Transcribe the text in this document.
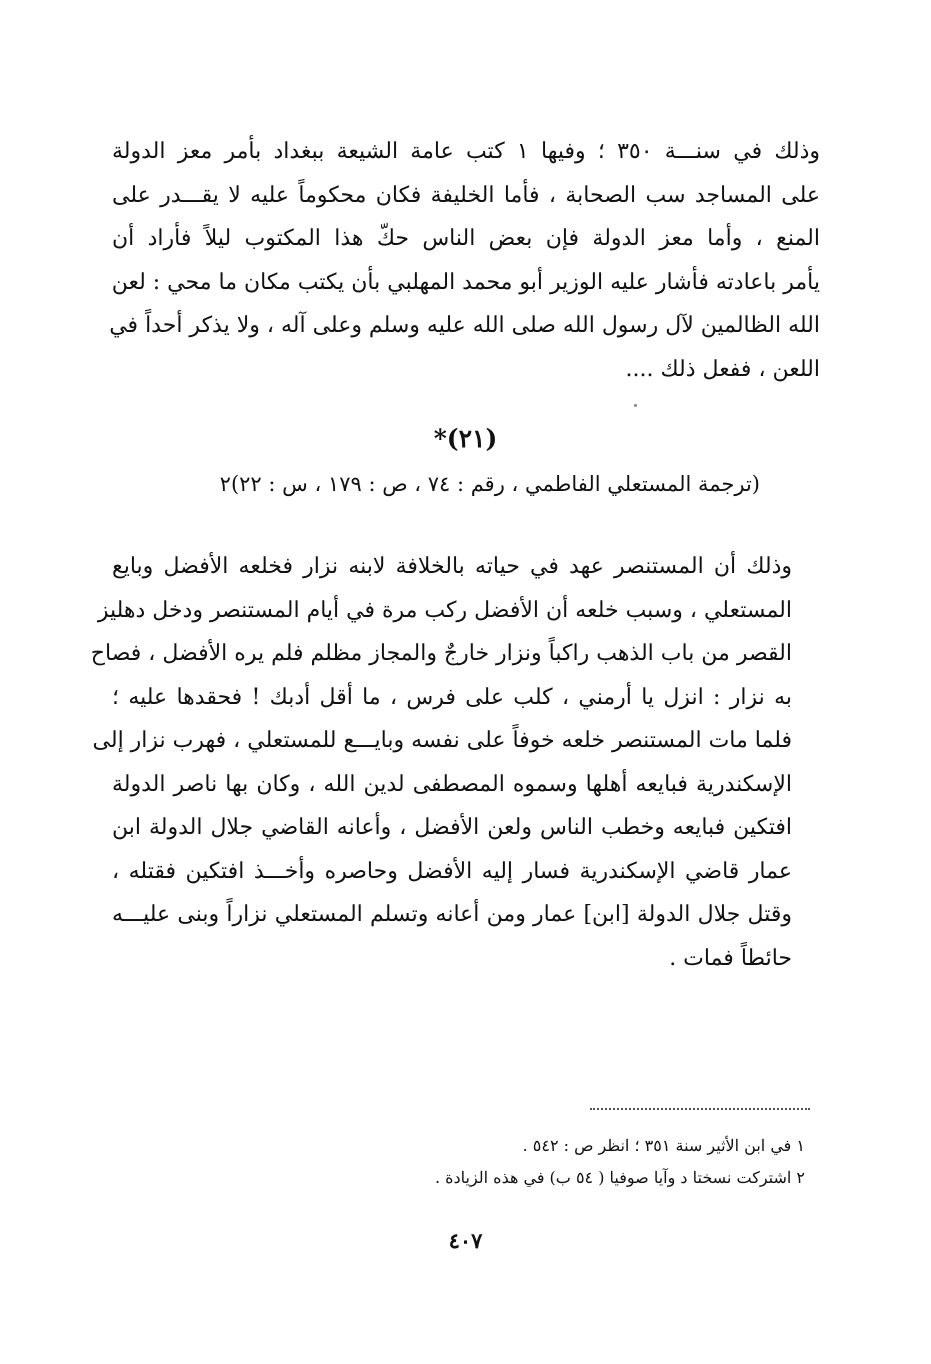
وذلك في سنـــة ٣٥٠ ؛ وفيها ١ كتب عامة الشيعة ببغداد بأمر معز الدولة
على المساجد سب الصحابة ، فأما الخليفة فكان محكوماً عليه لا يقـــدر على
المنع ، وأما معز الدولة فإن بعض الناس حكّ هذا المكتوب ليلاً فأراد أن
يأمر باعادته فأشار عليه الوزير أبو محمد المهلبي بأن يكتب مكان ما محي : لعن
الله الظالمين لآل رسول الله صلى الله عليه وسلم وعلى آله ، ولا يذكر أحداً في
اللعن ، ففعل ذلك ....
(٢١)*
(ترجمة المستعلي الفاطمي ، رقم : ٧٤ ، ص : ١٧٩ ، س : ٢٢)٢
وذلك أن المستنصر عهد في حياته بالخلافة لابنه نزار فخلعه الأفضل وبايع
المستعلي ، وسبب خلعه أن الأفضل ركب مرة في أيام المستنصر ودخل دهليز
القصر من باب الذهب راكباً ونزار خارجٌ والمجاز مظلم فلم يره الأفضل ، فصاح
به نزار : انزل يا أرمني ، كلب على فرس ، ما أقل أدبك ! فحقدها عليه ؛
فلما مات المستنصر خلعه خوفاً على نفسه وبايـــع للمستعلي ، فهرب نزار إلى
الإسكندرية فبايعه أهلها وسموه المصطفى لدين الله ، وكان بها ناصر الدولة
افتكين فبايعه وخطب الناس ولعن الأفضل ، وأعانه القاضي جلال الدولة ابن
عمار قاضي الإسكندرية فسار إليه الأفضل وحاصره وأخـــذ افتكين فقتله ،
وقتل جلال الدولة [ابن] عمار ومن أعانه وتسلم المستعلي نزاراً وبنى عليـــه
حائطاً فمات .
١ في ابن الأثير سنة ٣٥١ ؛ انظر ص : ٥٤٢ .
٢ اشتركت نسختا د وآيا صوفيا ( ٥٤ ب) في هذه الزيادة .
٤٠٧
